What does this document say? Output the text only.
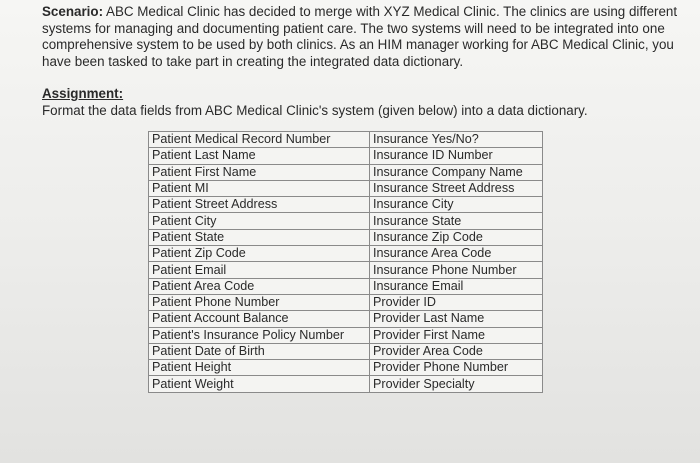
Scenario: ABC Medical Clinic has decided to merge with XYZ Medical Clinic. The clinics are using different systems for managing and documenting patient care. The two systems will need to be integrated into one comprehensive system to be used by both clinics. As an HIM manager working for ABC Medical Clinic, you have been tasked to take part in creating the integrated data dictionary.

Assignment:

Format the data fields from ABC Medical Clinic's system (given below) into a data dictionary.

Patient Medical Record Number	Insurance Yes/No?
Patient Last Name	Insurance ID Number
Patient First Name	Insurance Company Name
Patient MI	Insurance Street Address
Patient Street Address	Insurance City
Patient City	Insurance State
Patient State	Insurance Zip Code
Patient Zip Code	Insurance Area Code
Patient Email	Insurance Phone Number
Patient Area Code	Insurance Email
Patient Phone Number	Provider ID
Patient Account Balance	Provider Last Name
Patient's Insurance Policy Number	Provider First Name
Patient Date of Birth	Provider Area Code
Patient Height	Provider Phone Number
Patient Weight	Provider Specialty
